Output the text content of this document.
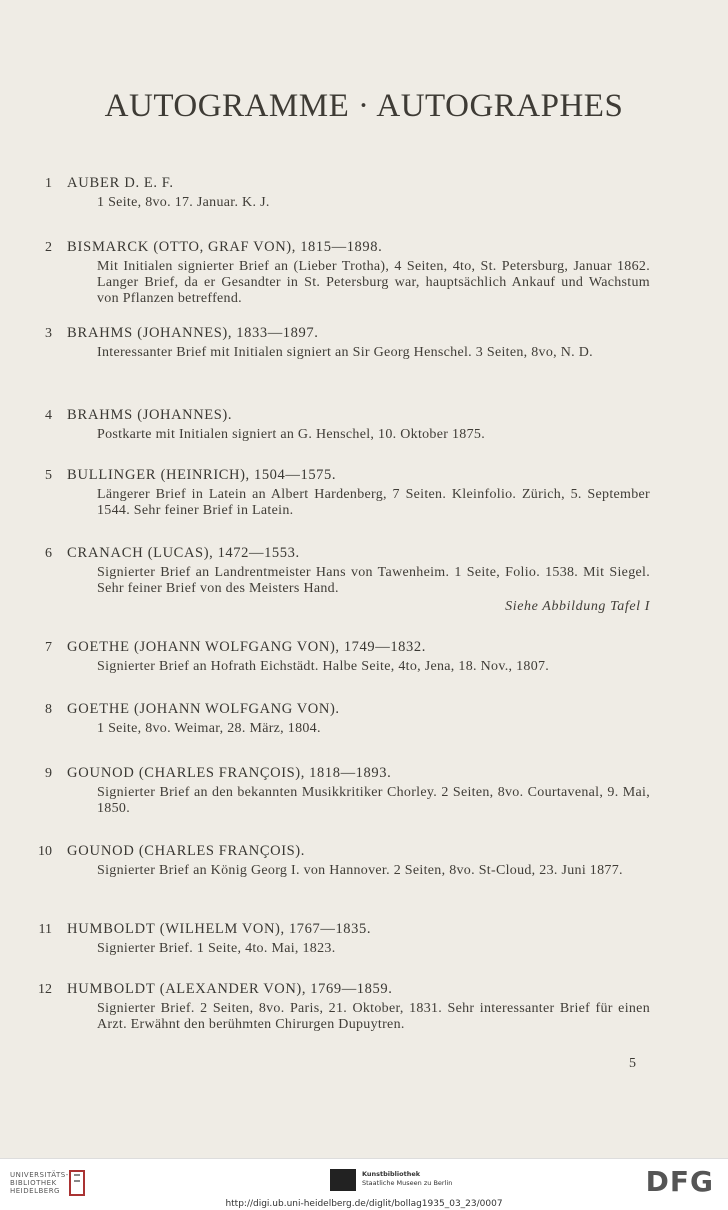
AUTOGRAMME · AUTOGRAPHES
1 AUBER D. E. F.
1 Seite, 8vo. 17. Januar. K. J.
2 BISMARCK (OTTO, GRAF VON), 1815—1898.
Mit Initialen signierter Brief an (Lieber Trotha), 4 Seiten, 4to, St. Petersburg, Januar 1862. Langer Brief, da er Gesandter in St. Petersburg war, hauptsächlich Ankauf und Wachstum von Pflanzen betreffend.
3 BRAHMS (JOHANNES), 1833—1897.
Interessanter Brief mit Initialen signiert an Sir Georg Henschel. 3 Seiten, 8vo, N. D.
4 BRAHMS (JOHANNES).
Postkarte mit Initialen signiert an G. Henschel, 10. Oktober 1875.
5 BULLINGER (HEINRICH), 1504—1575.
Längerer Brief in Latein an Albert Hardenberg, 7 Seiten. Kleinfolio. Zürich, 5. September 1544. Sehr feiner Brief in Latein.
6 CRANACH (LUCAS), 1472—1553.
Signierter Brief an Landrentmeister Hans von Tawenheim. 1 Seite, Folio. 1538. Mit Siegel. Sehr feiner Brief von des Meisters Hand.
Siehe Abbildung Tafel I
7 GOETHE (JOHANN WOLFGANG VON), 1749—1832.
Signierter Brief an Hofrath Eichstädt. Halbe Seite, 4to, Jena, 18. Nov., 1807.
8 GOETHE (JOHANN WOLFGANG VON).
1 Seite, 8vo. Weimar, 28. März, 1804.
9 GOUNOD (CHARLES FRANÇOIS), 1818—1893.
Signierter Brief an den bekannten Musikkritiker Chorley. 2 Seiten, 8vo. Courtavenal, 9. Mai, 1850.
10 GOUNOD (CHARLES FRANÇOIS).
Signierter Brief an König Georg I. von Hannover. 2 Seiten, 8vo. St-Cloud, 23. Juni 1877.
11 HUMBOLDT (WILHELM VON), 1767—1835.
Signierter Brief. 1 Seite, 4to. Mai, 1823.
12 HUMBOLDT (ALEXANDER VON), 1769—1859.
Signierter Brief. 2 Seiten, 8vo. Paris, 21. Oktober, 1831. Sehr interessanter Brief für einen Arzt. Erwähnt den berühmten Chirurgen Dupuytren.
5
UNIVERSITÄTS-
BIBLIOTHEK
HEIDELBERG
Kunstbibliothek
Staatliche Museen zu Berlin	DFG
http://digi.ub.uni-heidelberg.de/diglit/bollag1935_03_23/0007
